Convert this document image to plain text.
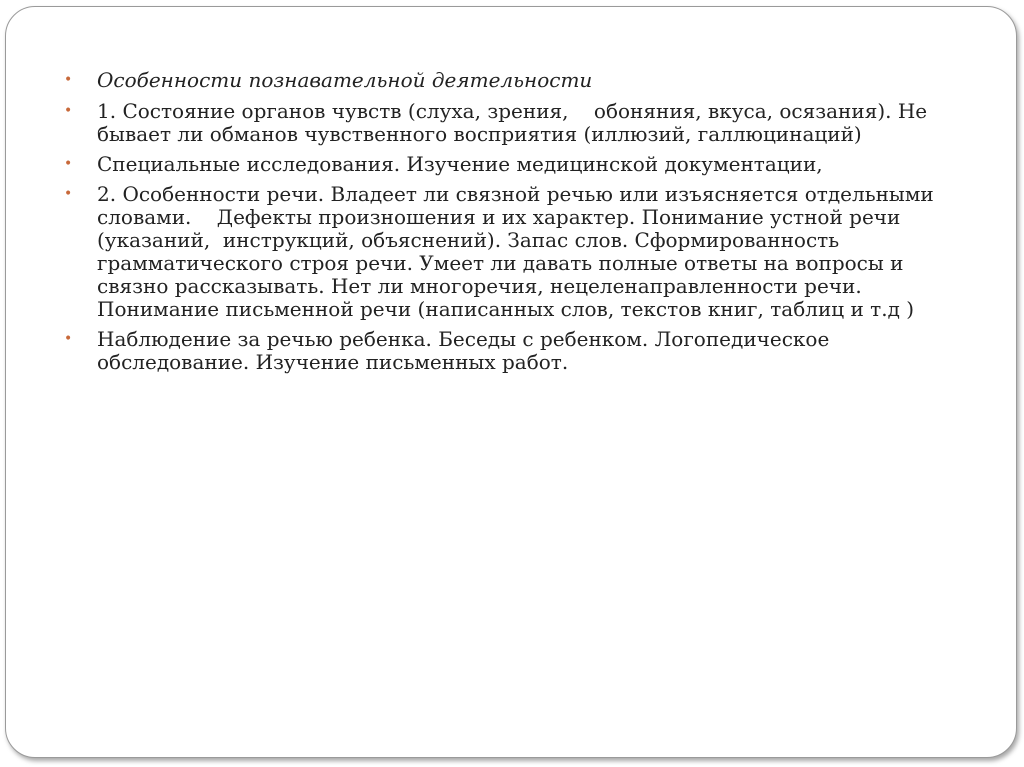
• Особенности познавательной деятельности
• 1. Состояние органов чувств (слуха, зрения,    обоняния, вкуса, осязания). Не бывает ли обманов чувственного восприятия (иллюзий, галлюцинаций)
• Специальные исследования. Изучение медицинской документации,
• 2. Особенности речи. Владеет ли связной речью или изъясняется отдельными словами.    Дефекты произношения и их характер. Понимание устной речи (указаний,  инструкций, объяснений). Запас слов. Сформированность  грамматического строя речи. Умеет ли давать полные ответы на вопросы и связно рассказывать. Нет ли многоречия, нецеленаправленности речи. Понимание письменной речи (написанных слов, текстов книг, таблиц и т.д )
• Наблюдение за речью ребенка. Беседы с ребенком. Логопедическое обследование. Изучение письменных работ.
